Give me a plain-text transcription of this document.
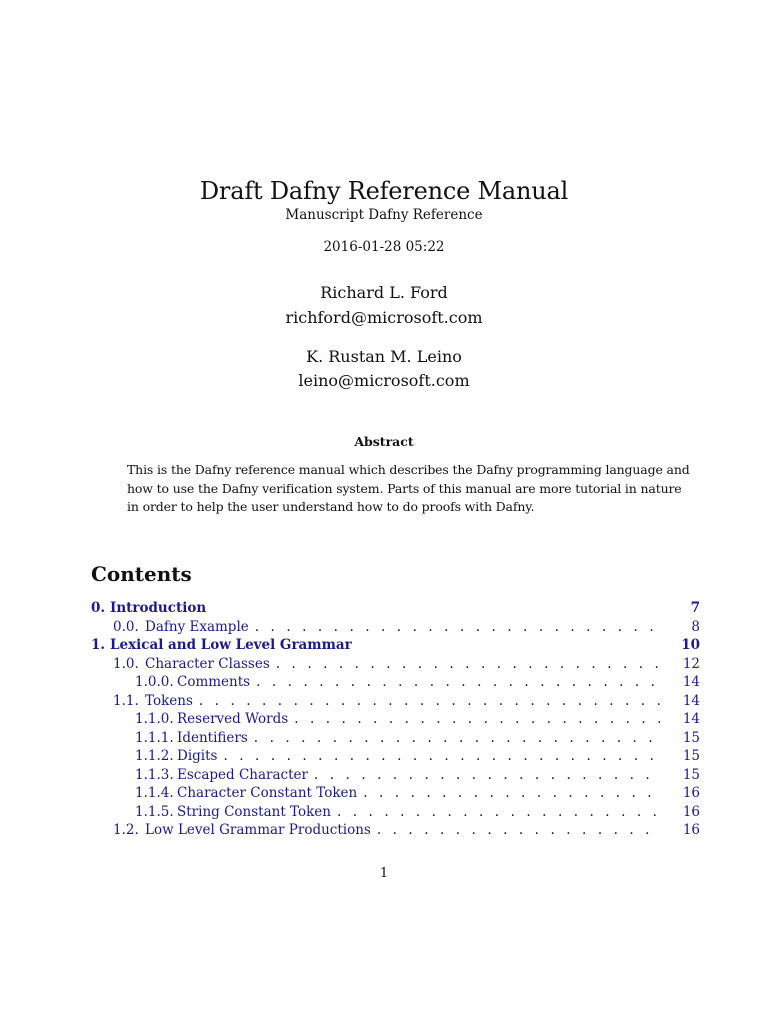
Draft Dafny Reference Manual
Manuscript Dafny Reference
2016-01-28 05:22
Richard L. Ford
richford@microsoft.com
K. Rustan M. Leino
leino@microsoft.com
Abstract
This is the Dafny reference manual which describes the Dafny programming language and
how to use the Dafny verification system. Parts of this manual are more tutorial in nature
in order to help the user understand how to do proofs with Dafny.
Contents
0. Introduction	7
0.0. Dafny Example . . .	8
1. Lexical and Low Level Grammar	10
1.0. Character Classes . . .	12
1.0.0. Comments . . .	14
1.1. Tokens . . .	14
1.1.0. Reserved Words . . .	14
1.1.1. Identifiers . . .	15
1.1.2. Digits . . .	15
1.1.3. Escaped Character . . .	15
1.1.4. Character Constant Token . . .	16
1.1.5. String Constant Token . . .	16
1.2. Low Level Grammar Productions . . .	16
1
